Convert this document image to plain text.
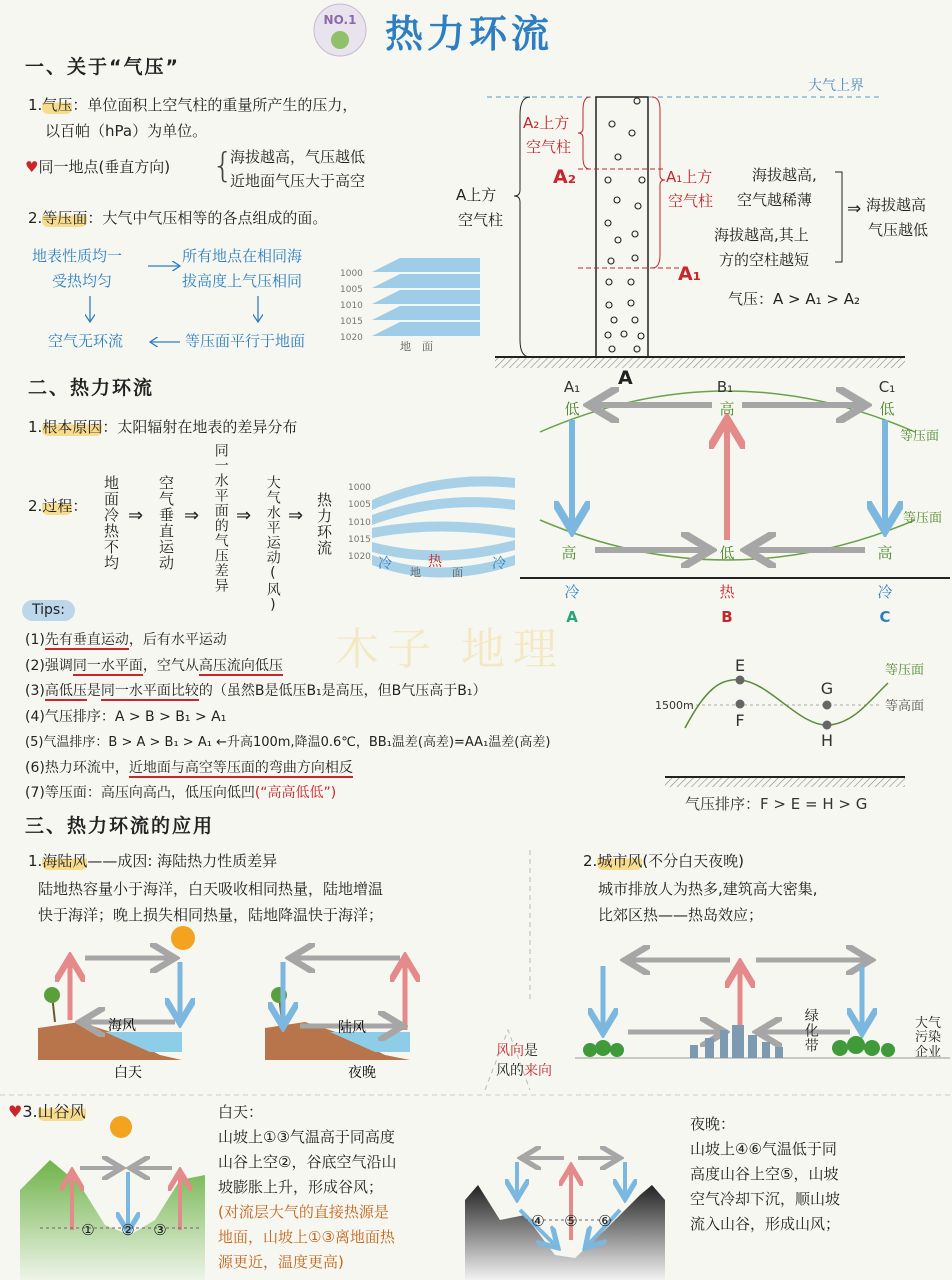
木子 地理
NO.1
1000
1005
1010
1015
1020
地　面
大气上界
A₂上方
空气柱
A₂	A₁上方
空气柱
A₁
A上方
空气柱
A
海拔越高,
空气越稀薄
海拔越高,其上
方的空柱越短
⇒ 海拔越高
气压越低
气压：A > A₁ > A₂
1000
1005
1010
1015
1020 冷
地
热
面
冷
A₁	B₁	C₁
低	高	低
高	低	高
冷	热	冷
A	B	C
等压面
等压面
E
F
G
H
1500m
等压面
等高面
气压排序：F > E = H > G
海风
白天
陆风
夜晚
① ② ③	④ ⑤ ⑥
热力环流
一、关于“气压”
1.气压：单位面积上空气柱的重量所产生的压力，
以百帕（hPa）为单位。
♥同一地点(垂直方向) {
海拔越高，气压越低
近地面气压大于高空
2.等压面：大气中气压相等的各点组成的面。
地表性质均一
受热均匀
所有地点在相同海
拔高度上气压相同
空气无环流	等压面平行于地面
二、热力环流
1.根本原因：太阳辐射在地表的差异分布
2.过程： 地面冷热不均 ⇒ 空气垂直运动 ⇒ 同一水平面的气压差异 ⇒ 大气水平运动(风) ⇒ 热力环流
Tips:
(1)先有垂直运动，后有水平运动
(2)强调同一水平面，空气从高压流向低压
(3)高低压是同一水平面比较的（虽然B是低压B₁是高压，但B气压高于B₁）
(4)气压排序：A > B > B₁ > A₁
(5)气温排序：B > A > B₁ > A₁ ←升高100m,降温0.6℃，BB₁温差(高差)=AA₁温差(高差)
(6)热力环流中，近地面与高空等压面的弯曲方向相反
(7)等压面：高压向高凸，低压向低凹(“高高低低”)
三、热力环流的应用
1.海陆风——成因: 海陆热力性质差异
陆地热容量小于海洋，白天吸收相同热量，陆地增温
快于海洋；晚上损失相同热量，陆地降温快于海洋；
2.城市风(不分白天夜晚)
城市排放人为热多,建筑高大密集,
比郊区热——热岛效应；
绿化带	大气
污染
企业
风向是
风的来向
♥3.山谷风	白天：
山坡上①③气温高于同高度
山谷上空②，谷底空气沿山
坡膨胀上升，形成谷风；
(对流层大气的直接热源是
地面，山坡上①③离地面热
源更近，温度更高)
夜晚：
山坡上④⑥气温低于同
高度山谷上空⑤，山坡
空气冷却下沉，顺山坡
流入山谷，形成山风；
